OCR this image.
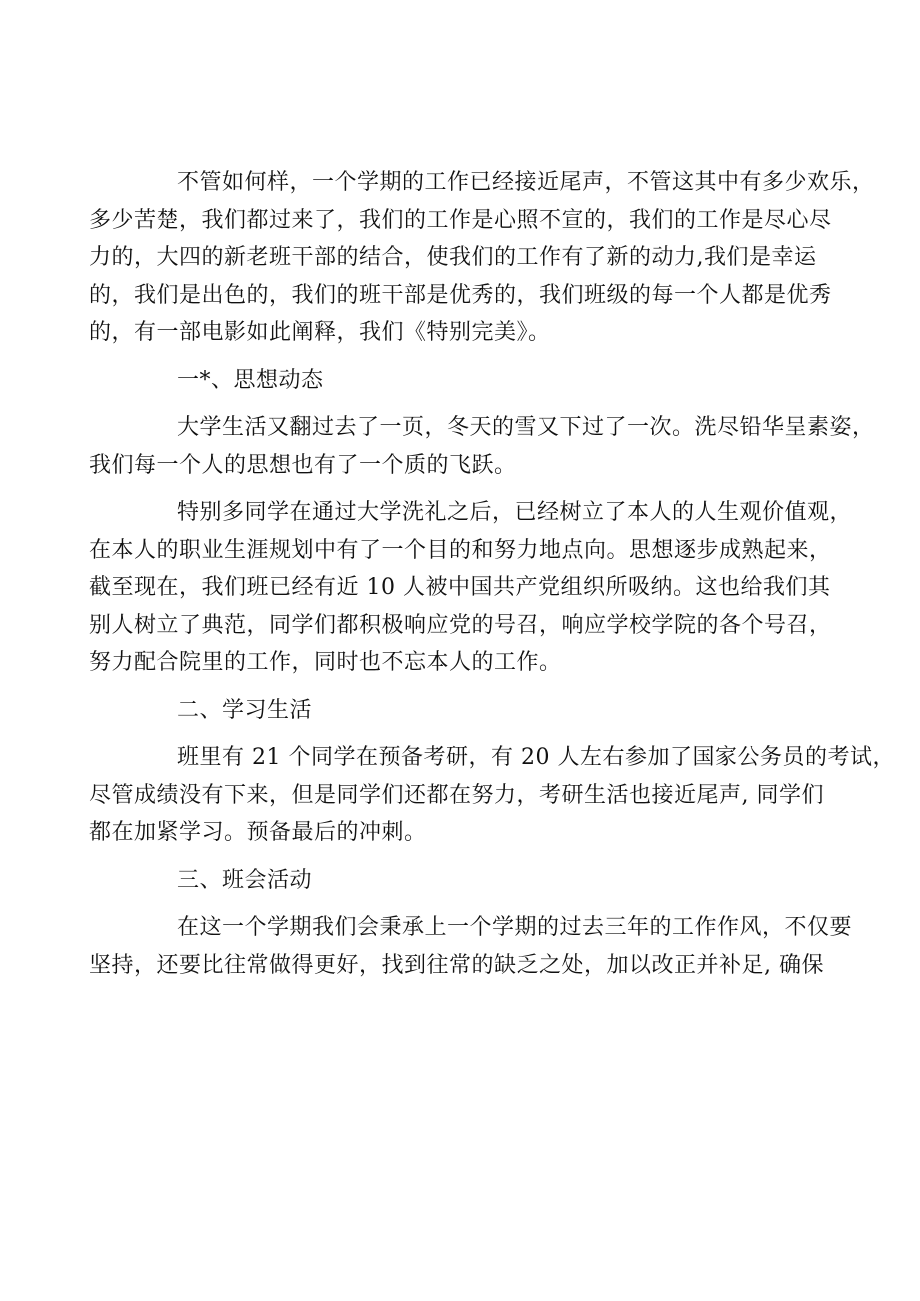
不管如何样，一个学期的工作已经接近尾声，不管这其中有多少欢乐，
多少苦楚，我们都过来了，我们的工作是心照不宣的，我们的工作是尽心尽
力的，大四的新老班干部的结合，使我们的工作有了新的动力,我们是幸运
的，我们是出色的，我们的班干部是优秀的，我们班级的每一个人都是优秀
的，有一部电影如此阐释，我们《特别完美》。

一*、思想动态

大学生活又翻过去了一页，冬天的雪又下过了一次。洗尽铅华呈素姿，
我们每一个人的思想也有了一个质的飞跃。

特别多同学在通过大学洗礼之后，已经树立了本人的人生观价值观，
在本人的职业生涯规划中有了一个目的和努力地点向。思想逐步成熟起来，
截至现在，我们班已经有近 10 人被中国共产党组织所吸纳。这也给我们其
别人树立了典范，同学们都积极响应党的号召，响应学校学院的各个号召，
努力配合院里的工作，同时也不忘本人的工作。

二、学习生活

班里有 21 个同学在预备考研，有 20 人左右参加了国家公务员的考试，
尽管成绩没有下来，但是同学们还都在努力，考研生活也接近尾声, 同学们
都在加紧学习。预备最后的冲刺。

三、班会活动

在这一个学期我们会秉承上一个学期的过去三年的工作作风，不仅要
坚持，还要比往常做得更好，找到往常的缺乏之处，加以改正并补足, 确保
